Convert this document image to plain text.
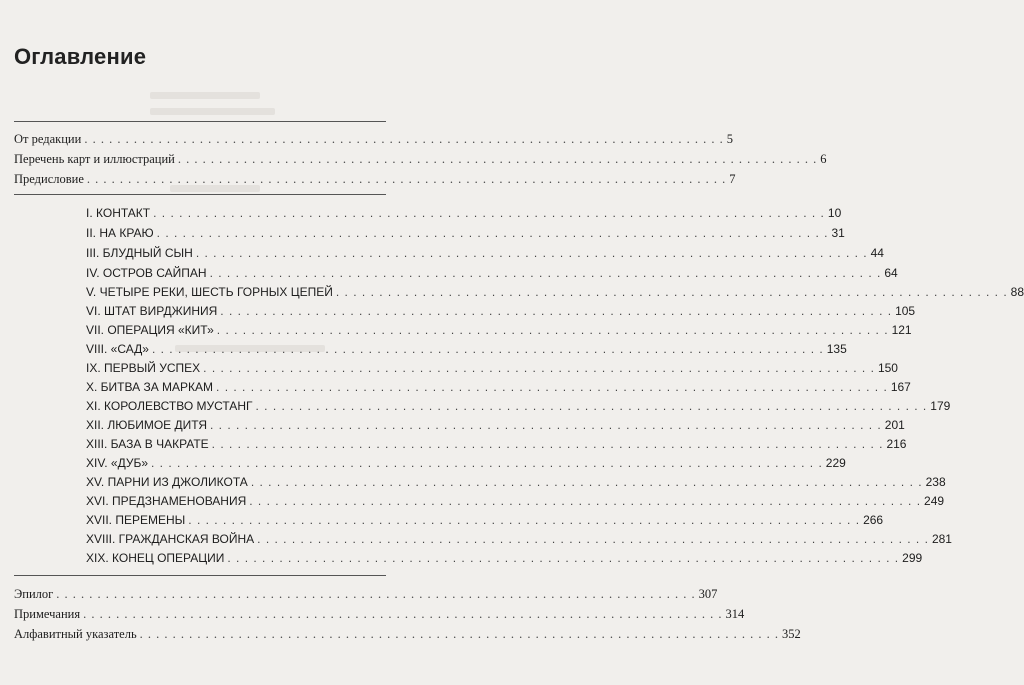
Оглавление
От редакции . . . . . . . . . . . . . . . . . . . . . . . . . . . . . . . . . . . . . . . . . . . . . . . . . . . . . . . . . . . . . . . . . . . . . . . . . . . . . . 5
Перечень карт и иллюстраций . . . . . . . . . . . . . . . . . . . . . . . . . . . . . . . . . . . . . . . . . . . . . . . . . . . . . . . . . . . . . . . . . . . . . . . . . . . . . . 6
Предисловие . . . . . . . . . . . . . . . . . . . . . . . . . . . . . . . . . . . . . . . . . . . . . . . . . . . . . . . . . . . . . . . . . . . . . . . . . . . . . . 7
I. КОНТАКТ . . . . . . . . . . . . . . . . . . . . . . . . . . . . . . . . . . . . . . . . . . . . . . . . . . . . . . . . . . . . . . . . . . . . . . . . . . . . . . 10
II. НА КРАЮ . . . . . . . . . . . . . . . . . . . . . . . . . . . . . . . . . . . . . . . . . . . . . . . . . . . . . . . . . . . . . . . . . . . . . . . . . . . . . . 31
III. БЛУДНЫЙ СЫН . . . . . . . . . . . . . . . . . . . . . . . . . . . . . . . . . . . . . . . . . . . . . . . . . . . . . . . . . . . . . . . . . . . . . . . . . . . . . . 44
IV. ОСТРОВ САЙПАН . . . . . . . . . . . . . . . . . . . . . . . . . . . . . . . . . . . . . . . . . . . . . . . . . . . . . . . . . . . . . . . . . . . . . . . . . . . . . . 64
V. ЧЕТЫРЕ РЕКИ, ШЕСТЬ ГОРНЫХ ЦЕПЕЙ . . . . . . . . . . . . . . . . . . . . . . . . . . . . . . . . . . . . . . . . . . . . . . . . . . . . . . . . . . . . . . . . . . . . . . . . . . . . . . 88
VI. ШТАТ ВИРДЖИНИЯ . . . . . . . . . . . . . . . . . . . . . . . . . . . . . . . . . . . . . . . . . . . . . . . . . . . . . . . . . . . . . . . . . . . . . . . . . . . . . . 105
VII. ОПЕРАЦИЯ «КИТ» . . . . . . . . . . . . . . . . . . . . . . . . . . . . . . . . . . . . . . . . . . . . . . . . . . . . . . . . . . . . . . . . . . . . . . . . . . . . . . 121
VIII. «САД» . . . . . . . . . . . . . . . . . . . . . . . . . . . . . . . . . . . . . . . . . . . . . . . . . . . . . . . . . . . . . . . . . . . . . . . . . . . . . . 135
IX. ПЕРВЫЙ УСПЕХ . . . . . . . . . . . . . . . . . . . . . . . . . . . . . . . . . . . . . . . . . . . . . . . . . . . . . . . . . . . . . . . . . . . . . . . . . . . . . . 150
X. БИТВА ЗА МАРКАМ . . . . . . . . . . . . . . . . . . . . . . . . . . . . . . . . . . . . . . . . . . . . . . . . . . . . . . . . . . . . . . . . . . . . . . . . . . . . . . 167
XI. КОРОЛЕВСТВО МУСТАНГ . . . . . . . . . . . . . . . . . . . . . . . . . . . . . . . . . . . . . . . . . . . . . . . . . . . . . . . . . . . . . . . . . . . . . . . . . . . . . . 179
XII. ЛЮБИМОЕ ДИТЯ . . . . . . . . . . . . . . . . . . . . . . . . . . . . . . . . . . . . . . . . . . . . . . . . . . . . . . . . . . . . . . . . . . . . . . . . . . . . . . 201
XIII. БАЗА В ЧАКРАТЕ . . . . . . . . . . . . . . . . . . . . . . . . . . . . . . . . . . . . . . . . . . . . . . . . . . . . . . . . . . . . . . . . . . . . . . . . . . . . . . 216
XIV. «ДУБ» . . . . . . . . . . . . . . . . . . . . . . . . . . . . . . . . . . . . . . . . . . . . . . . . . . . . . . . . . . . . . . . . . . . . . . . . . . . . . . 229
XV. ПАРНИ ИЗ ДЖОЛИКОТА . . . . . . . . . . . . . . . . . . . . . . . . . . . . . . . . . . . . . . . . . . . . . . . . . . . . . . . . . . . . . . . . . . . . . . . . . . . . . . 238
XVI. ПРЕДЗНАМЕНОВАНИЯ . . . . . . . . . . . . . . . . . . . . . . . . . . . . . . . . . . . . . . . . . . . . . . . . . . . . . . . . . . . . . . . . . . . . . . . . . . . . . . 249
XVII. ПЕРЕМЕНЫ . . . . . . . . . . . . . . . . . . . . . . . . . . . . . . . . . . . . . . . . . . . . . . . . . . . . . . . . . . . . . . . . . . . . . . . . . . . . . . 266
XVIII. ГРАЖДАНСКАЯ ВОЙНА . . . . . . . . . . . . . . . . . . . . . . . . . . . . . . . . . . . . . . . . . . . . . . . . . . . . . . . . . . . . . . . . . . . . . . . . . . . . . . 281
XIX. КОНЕЦ ОПЕРАЦИИ . . . . . . . . . . . . . . . . . . . . . . . . . . . . . . . . . . . . . . . . . . . . . . . . . . . . . . . . . . . . . . . . . . . . . . . . . . . . . . 299
Эпилог . . . . . . . . . . . . . . . . . . . . . . . . . . . . . . . . . . . . . . . . . . . . . . . . . . . . . . . . . . . . . . . . . . . . . . . . . . . . . . 307
Примечания . . . . . . . . . . . . . . . . . . . . . . . . . . . . . . . . . . . . . . . . . . . . . . . . . . . . . . . . . . . . . . . . . . . . . . . . . . . . . . 314
Алфавитный указатель . . . . . . . . . . . . . . . . . . . . . . . . . . . . . . . . . . . . . . . . . . . . . . . . . . . . . . . . . . . . . . . . . . . . . . . . . . . . . . 352
